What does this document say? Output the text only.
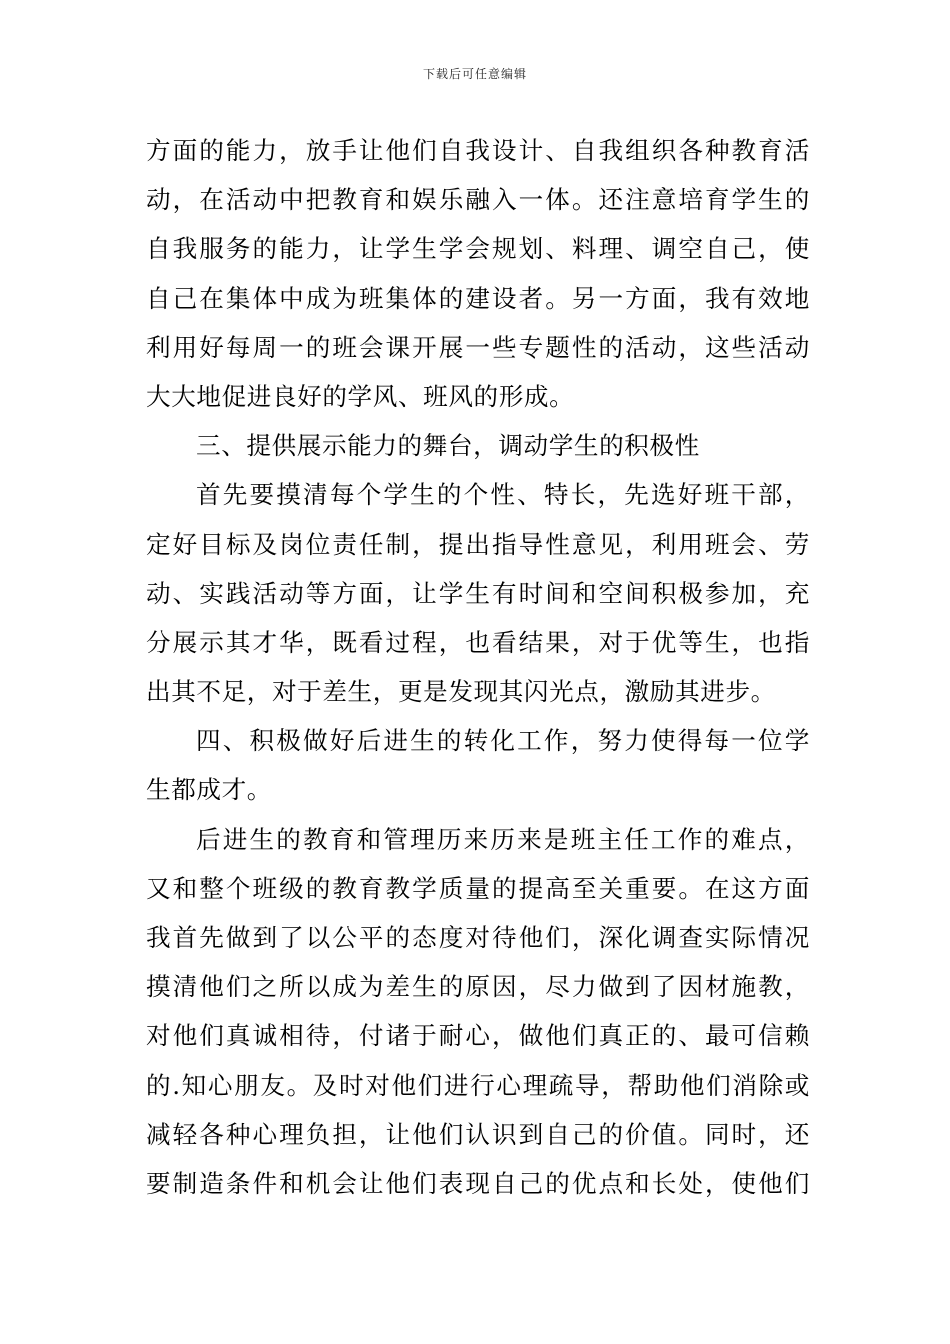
下载后可任意编辑
方面的能力，放手让他们自我设计、自我组织各种教育活
动，在活动中把教育和娱乐融入一体。还注意培育学生的
自我服务的能力，让学生学会规划、料理、调空自己，使
自己在集体中成为班集体的建设者。另一方面，我有效地
利用好每周一的班会课开展一些专题性的活动，这些活动
大大地促进良好的学风、班风的形成。
三、提供展示能力的舞台，调动学生的积极性
首先要摸清每个学生的个性、特长，先选好班干部，
定好目标及岗位责任制，提出指导性意见，利用班会、劳
动、实践活动等方面，让学生有时间和空间积极参加，充
分展示其才华，既看过程，也看结果，对于优等生，也指
出其不足，对于差生，更是发现其闪光点，激励其进步。
四、积极做好后进生的转化工作，努力使得每一位学
生都成才。
后进生的教育和管理历来历来是班主任工作的难点，
又和整个班级的教育教学质量的提高至关重要。在这方面
我首先做到了以公平的态度对待他们，深化调查实际情况
摸清他们之所以成为差生的原因，尽力做到了因材施教，
对他们真诚相待，付诸于耐心，做他们真正的、最可信赖
的.知心朋友。及时对他们进行心理疏导，帮助他们消除或
减轻各种心理负担，让他们认识到自己的价值。同时，还
要制造条件和机会让他们表现自己的优点和长处，使他们
